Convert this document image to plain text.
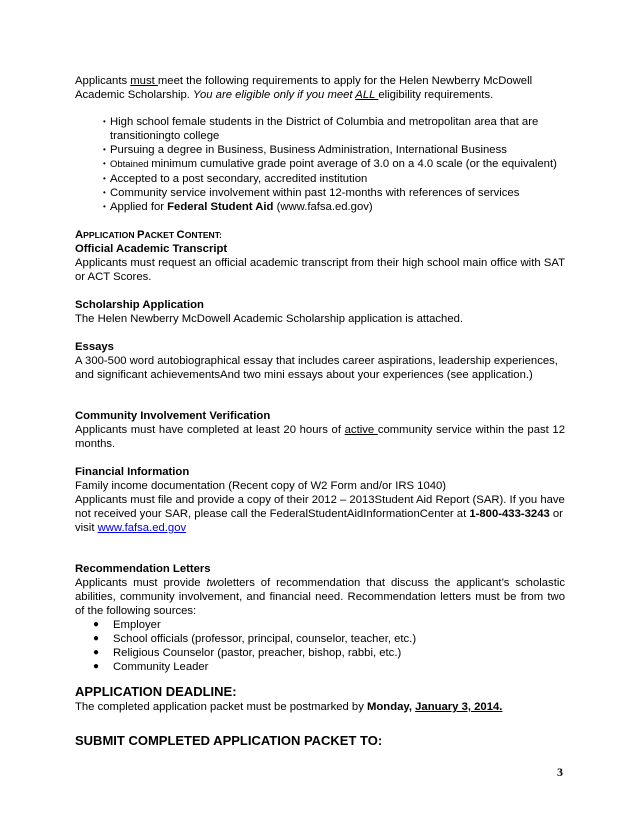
Applicants must meet the following requirements to apply for the Helen Newberry McDowell Academic Scholarship. You are eligible only if you meet ALL eligibility requirements.

• High school female students in the District of Columbia and metropolitan area that are transitioningto college
• Pursuing a degree in Business, Business Administration, International Business
• Obtained minimum cumulative grade point average of 3.0 on a 4.0 scale (or the equivalent)
• Accepted to a post secondary, accredited institution
• Community service involvement within past 12-months with references of services
• Applied for Federal Student Aid (www.fafsa.ed.gov)

APPLICATION PACKET CONTENT:

Official Academic Transcript

Applicants must request an official academic transcript from their high school main office with SAT or ACT Scores.

Scholarship Application

The Helen Newberry McDowell Academic Scholarship application is attached.

Essays

A 300-500 word autobiographical essay that includes career aspirations, leadership experiences, and significant achievementsAnd two mini essays about your experiences (see application.)

Community Involvement Verification

Applicants must have completed at least 20 hours of active community service within the past 12 months.

Financial Information

Family income documentation (Recent copy of W2 Form and/or IRS 1040)

Applicants must file and provide a copy of their 2012 – 2013Student Aid Report (SAR). If you have not received your SAR, please call the FederalStudentAidInformationCenter at 1-800-433-3243 or visit www.fafsa.ed.gov

Recommendation Letters

Applicants must provide twoletters of recommendation that discuss the applicant’s scholastic abilities, community involvement, and financial need. Recommendation letters must be from two of the following sources:

● Employer
● School officials (professor, principal, counselor, teacher, etc.)
● Religious Counselor (pastor, preacher, bishop, rabbi, etc.)
● Community Leader

APPLICATION DEADLINE:

The completed application packet must be postmarked by Monday, January 3, 2014.

SUBMIT COMPLETED APPLICATION PACKET TO:

3
